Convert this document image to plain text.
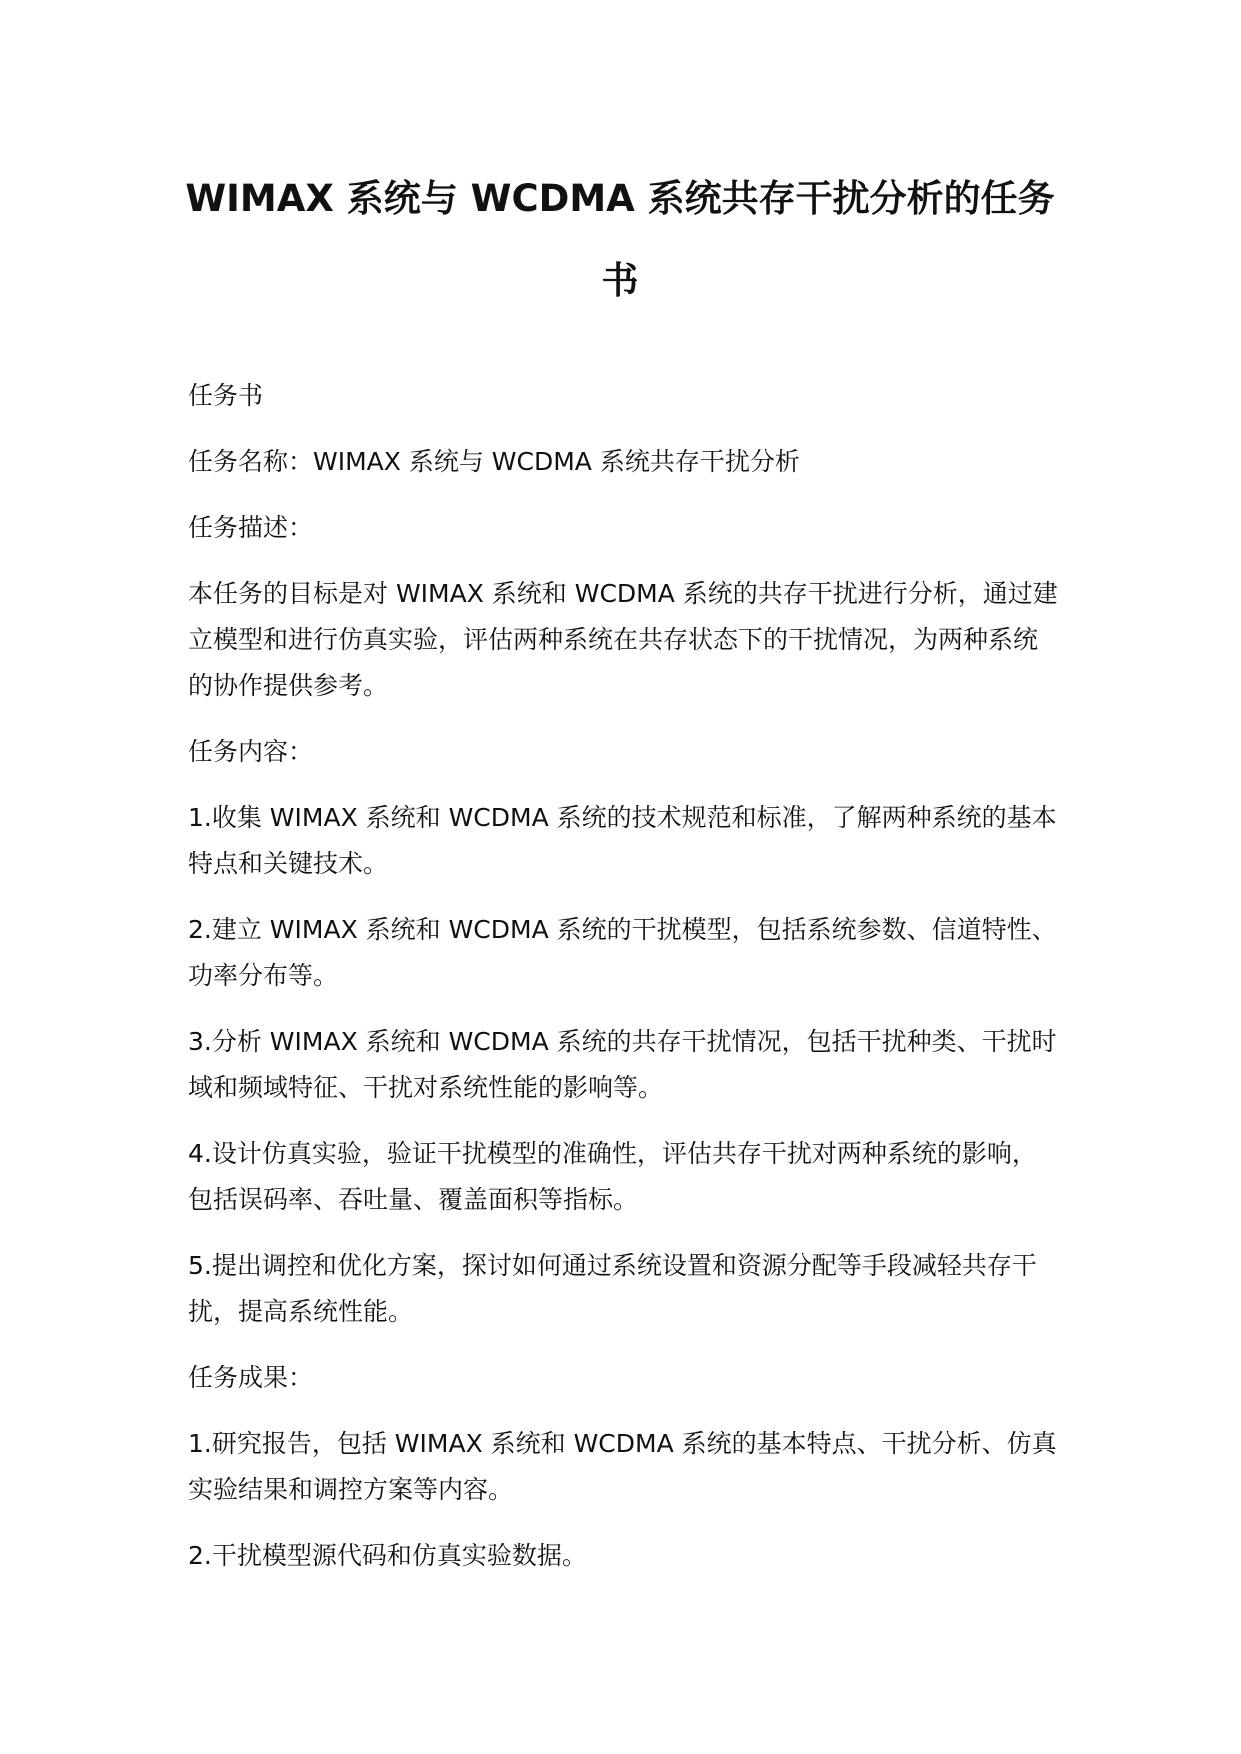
WIMAX 系统与 WCDMA 系统共存干扰分析的任务书

任务书

任务名称：WIMAX 系统与 WCDMA 系统共存干扰分析

任务描述：

本任务的目标是对 WIMAX 系统和 WCDMA 系统的共存干扰进行分析，通过建立模型和进行仿真实验，评估两种系统在共存状态下的干扰情况，为两种系统的协作提供参考。

任务内容：

1.收集 WIMAX 系统和 WCDMA 系统的技术规范和标准，了解两种系统的基本特点和关键技术。

2.建立 WIMAX 系统和 WCDMA 系统的干扰模型，包括系统参数、信道特性、功率分布等。

3.分析 WIMAX 系统和 WCDMA 系统的共存干扰情况，包括干扰种类、干扰时域和频域特征、干扰对系统性能的影响等。

4.设计仿真实验，验证干扰模型的准确性，评估共存干扰对两种系统的影响，包括误码率、吞吐量、覆盖面积等指标。

5.提出调控和优化方案，探讨如何通过系统设置和资源分配等手段减轻共存干扰，提高系统性能。

任务成果：

1.研究报告，包括 WIMAX 系统和 WCDMA 系统的基本特点、干扰分析、仿真实验结果和调控方案等内容。

2.干扰模型源代码和仿真实验数据。
